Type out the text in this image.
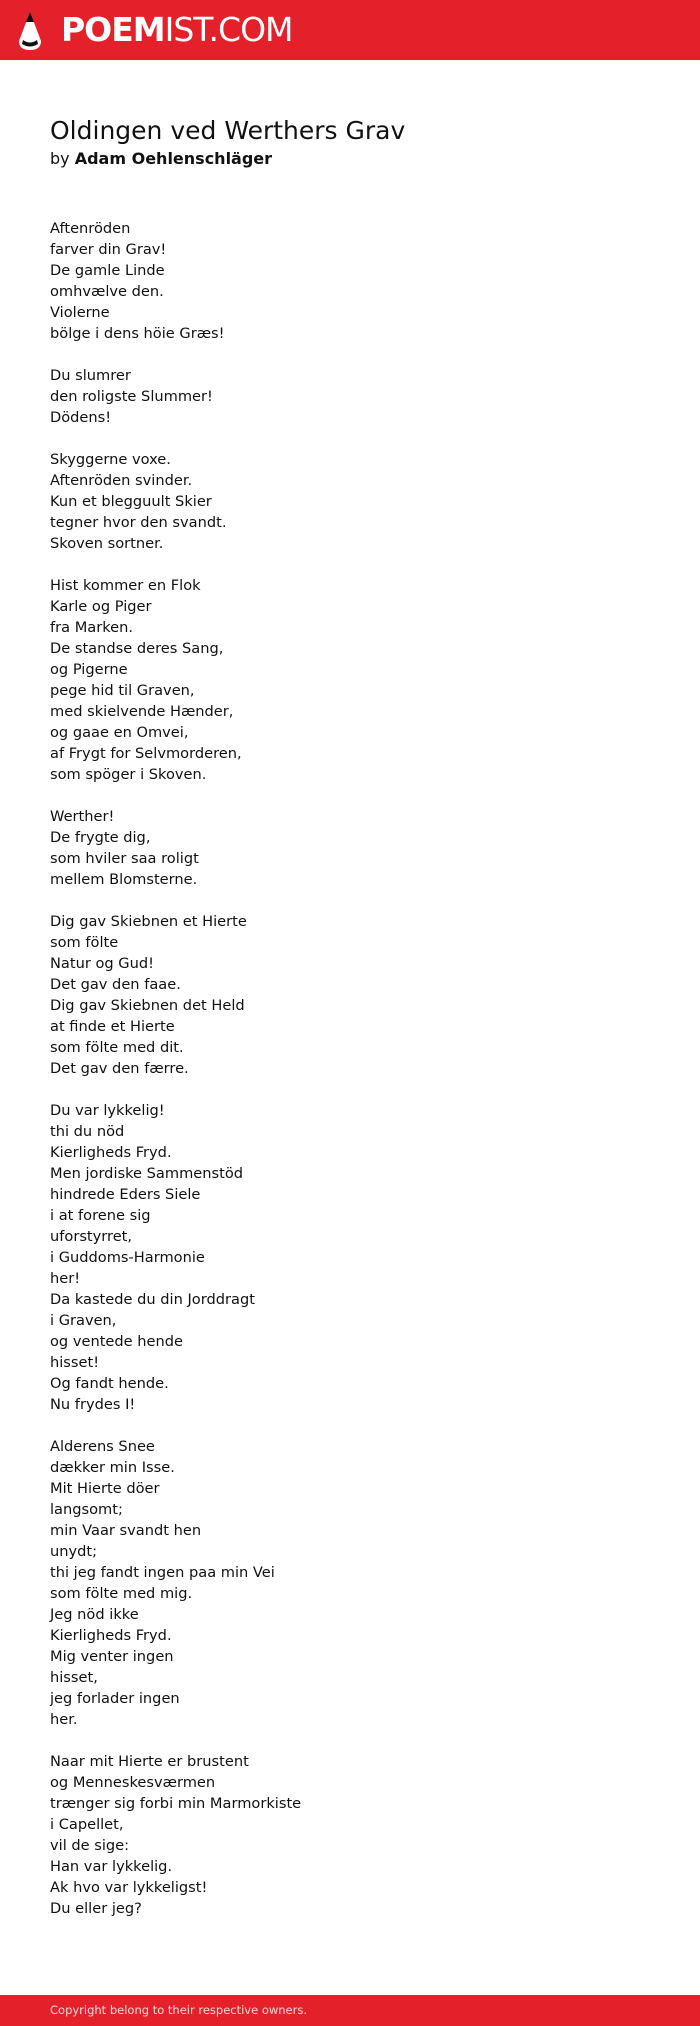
POEMIST.COM
Oldingen ved Werthers Grav
by Adam Oehlenschläger
Aftenröden
farver din Grav!
De gamle Linde
omhvælve den.
Violerne
bölge i dens höie Græs!
Du slumrer
den roligste Slummer!
Dödens!
Skyggerne voxe.
Aftenröden svinder.
Kun et blegguult Skier
tegner hvor den svandt.
Skoven sortner.
Hist kommer en Flok
Karle og Piger
fra Marken.
De standse deres Sang,
og Pigerne
pege hid til Graven,
med skielvende Hænder,
og gaae en Omvei,
af Frygt for Selvmorderen,
som spöger i Skoven.
Werther!
De frygte dig,
som hviler saa roligt
mellem Blomsterne.
Dig gav Skiebnen et Hierte
som fölte
Natur og Gud!
Det gav den faae.
Dig gav Skiebnen det Held
at finde et Hierte
som fölte med dit.
Det gav den færre.
Du var lykkelig!
thi du nöd
Kierligheds Fryd.
Men jordiske Sammenstöd
hindrede Eders Siele
i at forene sig
uforstyrret,
i Guddoms-Harmonie
her!
Da kastede du din Jorddragt
i Graven,
og ventede hende
hisset!
Og fandt hende.
Nu frydes I!
Alderens Snee
dækker min Isse.
Mit Hierte döer
langsomt;
min Vaar svandt hen
unydt;
thi jeg fandt ingen paa min Vei
som fölte med mig.
Jeg nöd ikke
Kierligheds Fryd.
Mig venter ingen
hisset,
jeg forlader ingen
her.
Naar mit Hierte er brustent
og Menneskesværmen
trænger sig forbi min Marmorkiste
i Capellet,
vil de sige:
Han var lykkelig.
Ak hvo var lykkeligst!
Du eller jeg?
Copyright belong to their respective owners.
